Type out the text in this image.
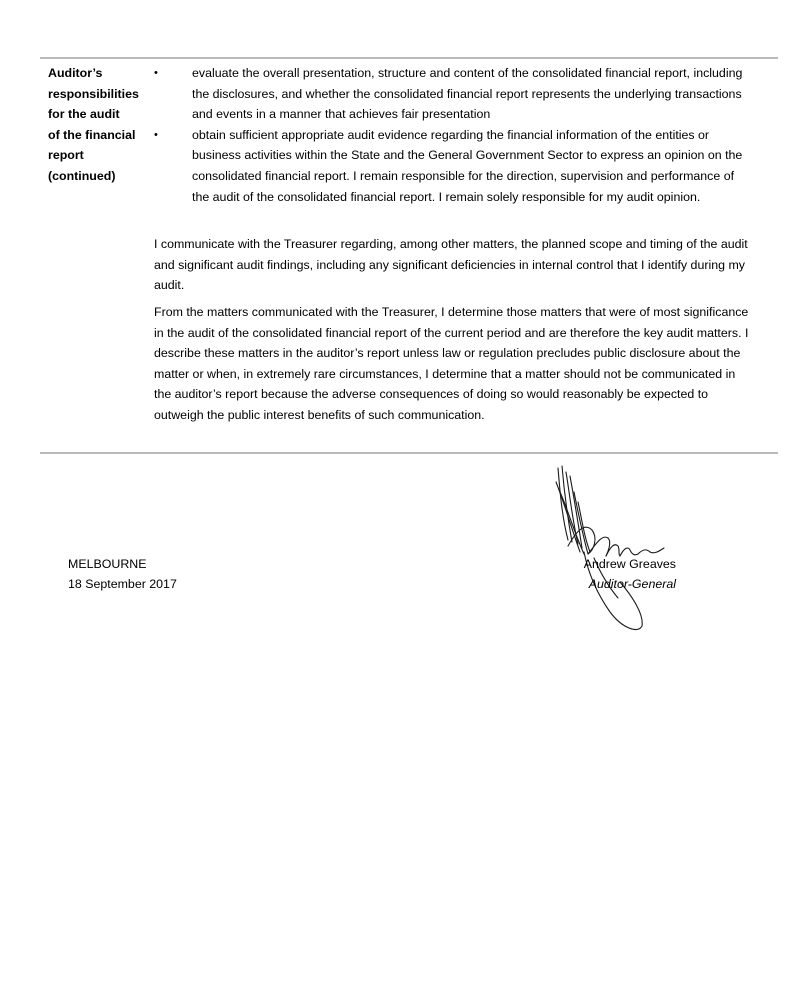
Auditor’s
responsibilities
for the audit
of the financial
report
(continued)
•	evaluate the overall presentation, structure and content of the consolidated financial report, including the disclosures, and whether the consolidated financial report represents the underlying transactions and events in a manner that achieves fair presentation
•	obtain sufficient appropriate audit evidence regarding the financial information of the entities or business activities within the State and the General Government Sector to express an opinion on the consolidated financial report. I remain responsible for the direction, supervision and performance of the audit of the consolidated financial report. I remain solely responsible for my audit opinion.

I communicate with the Treasurer regarding, among other matters, the planned scope and timing of the audit and significant audit findings, including any significant deficiencies in internal control that I identify during my audit.

From the matters communicated with the Treasurer, I determine those matters that were of most significance in the audit of the consolidated financial report of the current period and are therefore the key audit matters. I describe these matters in the auditor’s report unless law or regulation precludes public disclosure about the matter or when, in extremely rare circumstances, I determine that a matter should not be communicated in the auditor’s report because the adverse consequences of doing so would reasonably be expected to outweigh the public interest benefits of such communication.

MELBOURNE
18 September 2017
Andrew Greaves
Auditor-General
